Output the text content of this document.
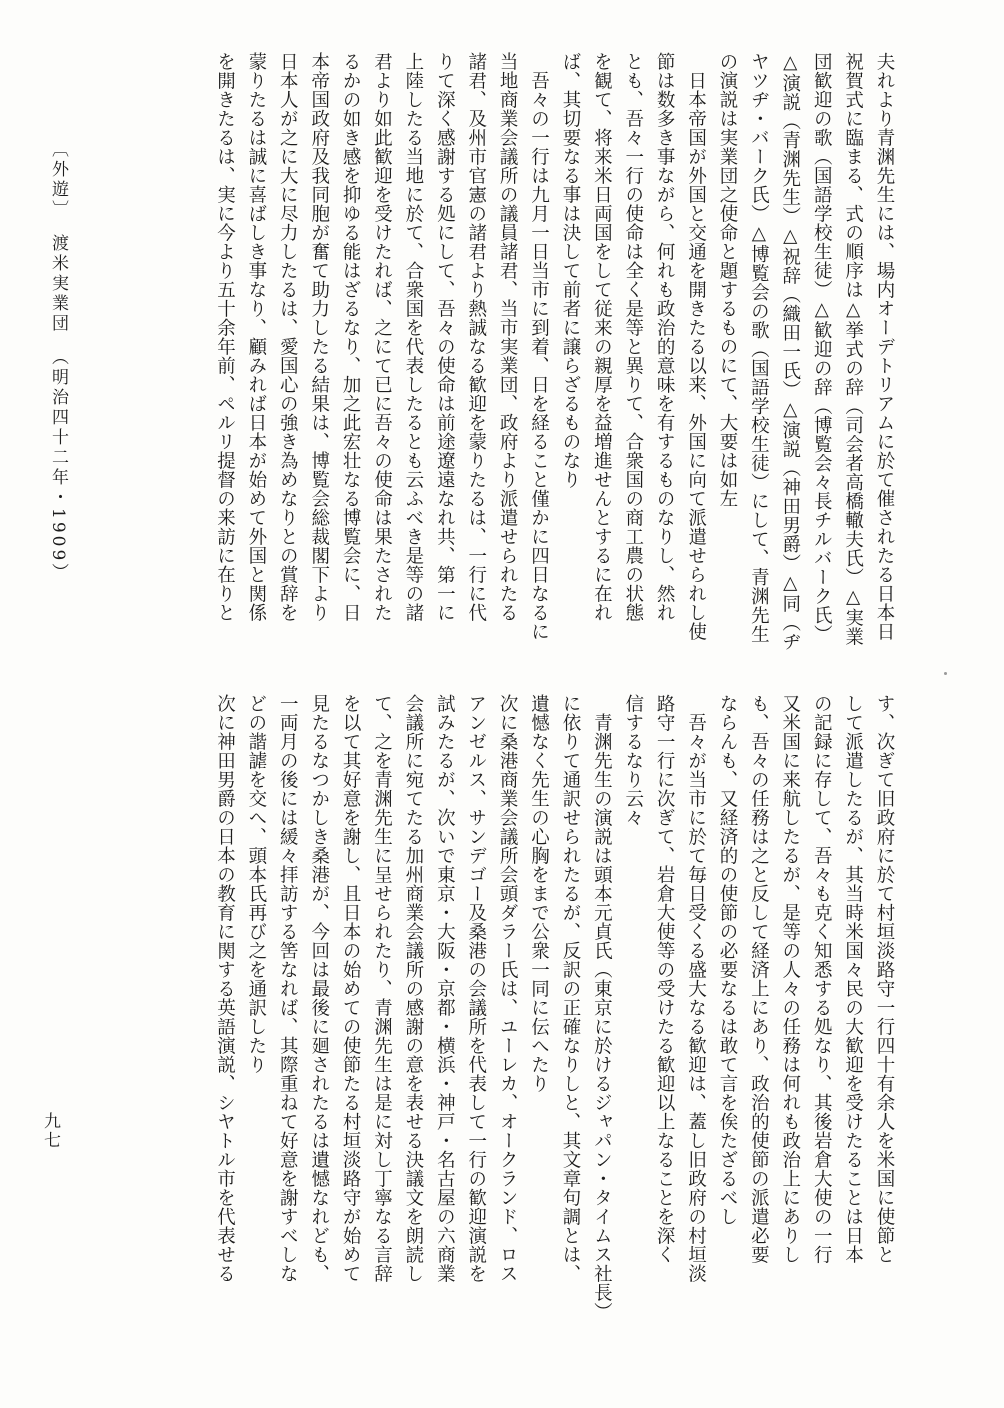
夫れより青渊先生には、場内オーデトリアムに於て催されたる日本日

祝賀式に臨まる、式の順序は△挙式の辞（司会者高橋轍夫氏）△実業

団歓迎の歌（国語学校生徒）△歓迎の辞（博覧会々長チルバーク氏）

△演説（青渊先生）△祝辞（織田一氏）△演説（神田男爵）△同（ヂ

ヤツヂ・バーク氏）△博覧会の歌（国語学校生徒）にして、青渊先生

の演説は実業団之使命と題するものにて、大要は如左

　日本帝国が外国と交通を開きたる以来、外国に向て派遣せられし使

節は数多き事ながら、何れも政治的意味を有するものなりし、然れ

とも、吾々一行の使命は全く是等と異りて、合衆国の商工農の状態

を観て、将来米日両国をして従来の親厚を益増進せんとするに在れ

ば、其切要なる事は決して前者に譲らざるものなり

　吾々の一行は九月一日当市に到着、日を経ること僅かに四日なるに

当地商業会議所の議員諸君、当市実業団、政府より派遣せられたる

諸君、及州市官憲の諸君より熱誠なる歓迎を蒙りたるは、一行に代

りて深く感謝する処にして、吾々の使命は前途遼遠なれ共、第一に

上陸したる当地に於て、合衆国を代表したるとも云ふべき是等の諸

君より如此歓迎を受けたれば、之にて已に吾々の使命は果たされた

るかの如き感を抑ゆる能はざるなり、加之此宏壮なる博覧会に、日

本帝国政府及我同胞が奮て助力したる結果は、博覧会総裁閣下より

日本人が之に大に尽力したるは、愛国心の強き為めなりとの賞辞を

蒙りたるは誠に喜ばしき事なり、顧みれば日本が始めて外国と関係

を開きたるは、実に今より五十余年前、ペルリ提督の来訪に在りと

す、次ぎて旧政府に於て村垣淡路守一行四十有余人を米国に使節と

して派遣したるが、其当時米国々民の大歓迎を受けたることは日本

の記録に存して、吾々も克く知悉する処なり、其後岩倉大使の一行

又米国に来航したるが、是等の人々の任務は何れも政治上にありし

も、吾々の任務は之と反して経済上にあり、政治的使節の派遣必要

ならんも、又経済的の使節の必要なるは敢て言を俟たざるべし

　吾々が当市に於て毎日受くる盛大なる歓迎は、蓋し旧政府の村垣淡

路守一行に次ぎて、岩倉大使等の受けたる歓迎以上なることを深く

信するなり云々

　青渊先生の演説は頭本元貞氏（東京に於けるジャパン・タイムス社長）

に依りて通訳せられたるが、反訳の正確なりしと、其文章句調とは、

遺憾なく先生の心胸をまで公衆一同に伝へたり

次に桑港商業会議所会頭ダラー氏は、ユーレカ、オークランド、ロス

アンゼルス、サンデゴー及桑港の会議所を代表して一行の歓迎演説を

試みたるが、次いで東京・大阪・京都・横浜・神戸・名古屋の六商業

会議所に宛てたる加州商業会議所の感謝の意を表せる決議文を朗読し

て、之を青渊先生に呈せられたり、青渊先生は是に対し丁寧なる言辞

を以て其好意を謝し、且日本の始めての使節たる村垣淡路守が始めて

見たるなつかしき桑港が、今回は最後に廻されたるは遺憾なれども、

一両月の後には緩々拝訪する筈なれば、其際重ねて好意を謝すべしな

どの諧謔を交へ、頭本氏再び之を通訳したり

次に神田男爵の日本の教育に関する英語演説、シヤトル市を代表せる

〔外遊〕渡米実業団（明治四十二年・1909）
九七
